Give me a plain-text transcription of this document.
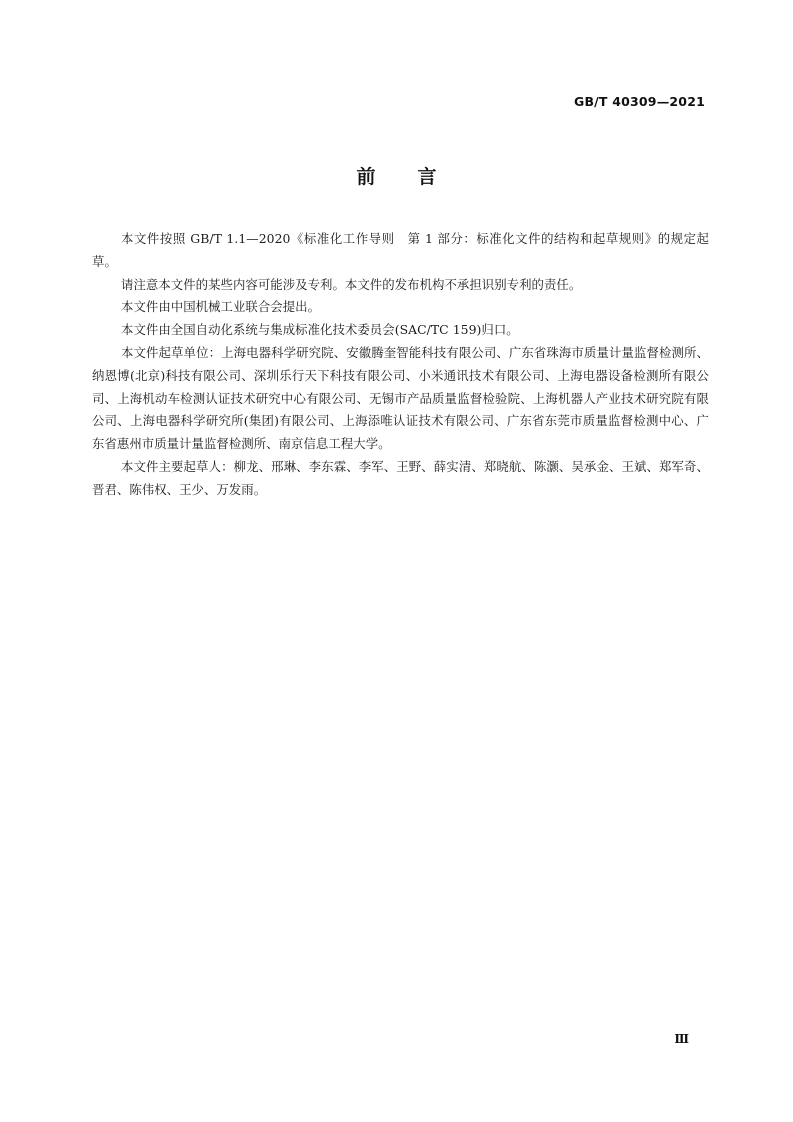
GB/T 40309—2021
前言

本文件按照 GB/T 1.1—2020《标准化工作导则　第 1 部分：标准化文件的结构和起草规则》的规定起草。

请注意本文件的某些内容可能涉及专利。本文件的发布机构不承担识别专利的责任。

本文件由中国机械工业联合会提出。

本文件由全国自动化系统与集成标准化技术委员会(SAC/TC 159)归口。

本文件起草单位：上海电器科学研究院、安徽腾奎智能科技有限公司、广东省珠海市质量计量监督检测所、纳恩博(北京)科技有限公司、深圳乐行天下科技有限公司、小米通讯技术有限公司、上海电器设备检测所有限公司、上海机动车检测认证技术研究中心有限公司、无锡市产品质量监督检验院、上海机器人产业技术研究院有限公司、上海电器科学研究所(集团)有限公司、上海添唯认证技术有限公司、广东省东莞市质量监督检测中心、广东省惠州市质量计量监督检测所、南京信息工程大学。

本文件主要起草人：柳龙、邢琳、李东霖、李军、王野、薛实清、郑晓航、陈灏、吴承金、王斌、郑军奇、晋君、陈伟权、王少、万发雨。

Ⅲ
